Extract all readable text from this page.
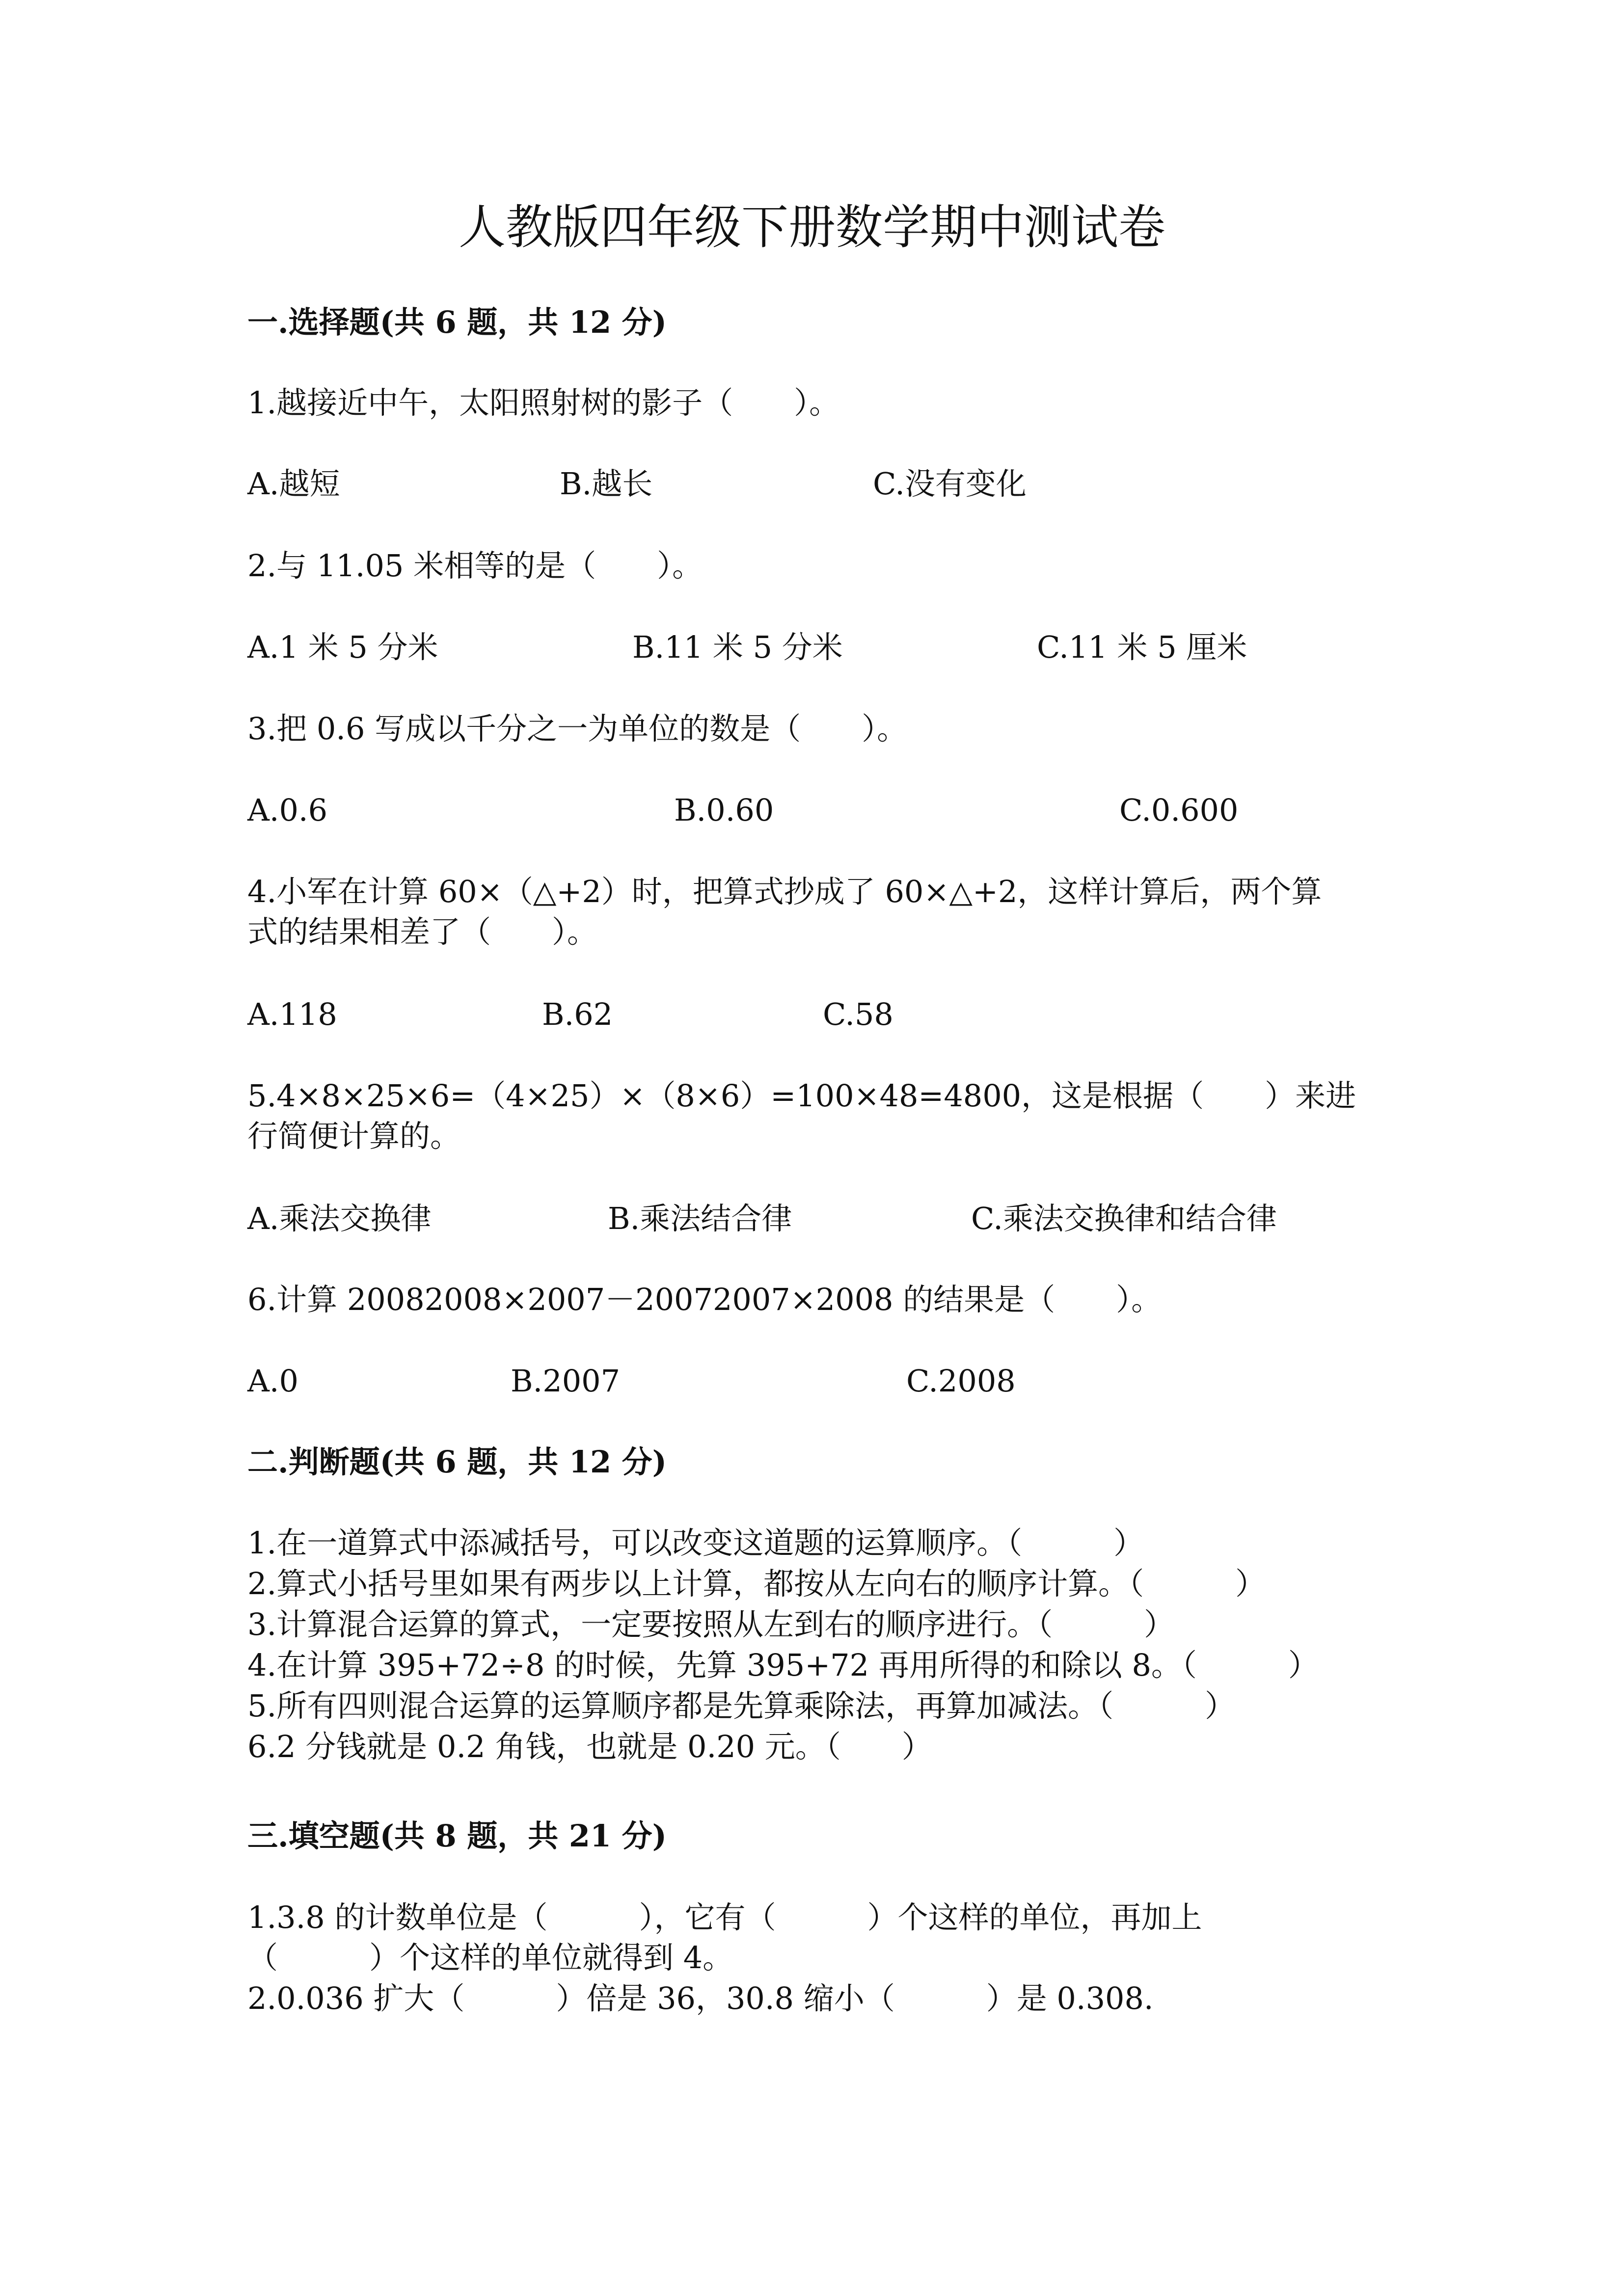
人教版四年级下册数学期中测试卷
一.选择题(共 6 题，共 12 分)
1.越接近中午，太阳照射树的影子（　　）。
A.越短	B.越长	C.没有变化
2.与 11.05 米相等的是（　　）。
A.1 米 5 分米	B.11 米 5 分米	C.11 米 5 厘米
3.把 0.6 写成以千分之一为单位的数是（　　）。
A.0.6	B.0.60	C.0.600
4.小军在计算 60×（△+2）时，把算式抄成了 60×△+2，这样计算后，两个算
式的结果相差了（　　）。
A.118	B.62	C.58
5.4×8×25×6=（4×25）×（8×6）=100×48=4800，这是根据（　　）来进
行简便计算的。
A.乘法交换律	B.乘法结合律	C.乘法交换律和结合律
6.计算 20082008×2007－20072007×2008 的结果是（　　）。
A.0	B.2007	C.2008
二.判断题(共 6 题，共 12 分)
1.在一道算式中添减括号，可以改变这道题的运算顺序。（　　　）
2.算式小括号里如果有两步以上计算，都按从左向右的顺序计算。（　　　）
3.计算混合运算的算式，一定要按照从左到右的顺序进行。（　　　）
4.在计算 395+72÷8 的时候，先算 395+72 再用所得的和除以 8。（　　　）
5.所有四则混合运算的运算顺序都是先算乘除法，再算加减法。（　　　）
6.2 分钱就是 0.2 角钱，也就是 0.20 元。（　　）
三.填空题(共 8 题，共 21 分)
1.3.8 的计数单位是（　　　），它有（　　　）个这样的单位，再加上
（　　　）个这样的单位就得到 4。
2.0.036 扩大（　　　）倍是 36，30.8 缩小（　　　）是 0.308.
